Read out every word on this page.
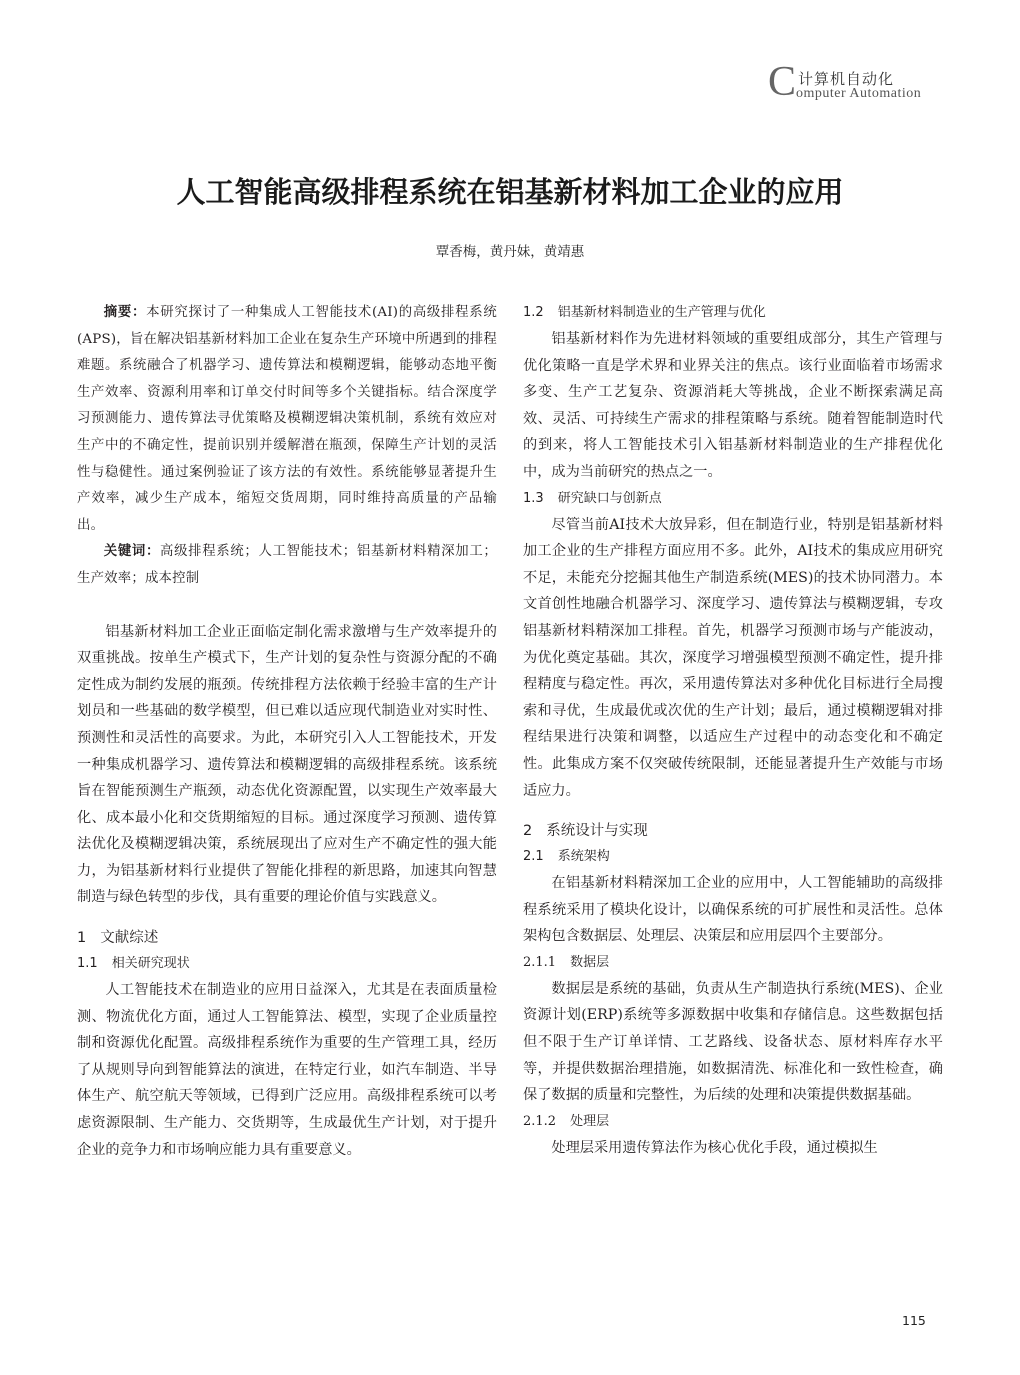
C 计算机自动化
omputer Automation
人工智能高级排程系统在铝基新材料加工企业的应用
覃香梅，黄丹妹，黄靖惠

摘要：本研究探讨了一种集成人工智能技术(AI)的高级排程系统(APS)，旨在解决铝基新材料加工企业在复杂生产环境中所遇到的排程难题。系统融合了机器学习、遗传算法和模糊逻辑，能够动态地平衡生产效率、资源利用率和订单交付时间等多个关键指标。结合深度学习预测能力、遗传算法寻优策略及模糊逻辑决策机制，系统有效应对生产中的不确定性，提前识别并缓解潜在瓶颈，保障生产计划的灵活性与稳健性。通过案例验证了该方法的有效性。系统能够显著提升生产效率，减少生产成本，缩短交货周期，同时维持高质量的产品输出。

关键词：高级排程系统；人工智能技术；铝基新材料精深加工；生产效率；成本控制

铝基新材料加工企业正面临定制化需求激增与生产效率提升的双重挑战。按单生产模式下，生产计划的复杂性与资源分配的不确定性成为制约发展的瓶颈。传统排程方法依赖于经验丰富的生产计划员和一些基础的数学模型，但已难以适应现代制造业对实时性、预测性和灵活性的高要求。为此，本研究引入人工智能技术，开发一种集成机器学习、遗传算法和模糊逻辑的高级排程系统。该系统旨在智能预测生产瓶颈，动态优化资源配置，以实现生产效率最大化、成本最小化和交货期缩短的目标。通过深度学习预测、遗传算法优化及模糊逻辑决策，系统展现出了应对生产不确定性的强大能力，为铝基新材料行业提供了智能化排程的新思路，加速其向智慧制造与绿色转型的步伐，具有重要的理论价值与实践意义。

1 文献综述
1.1 相关研究现状

人工智能技术在制造业的应用日益深入，尤其是在表面质量检测、物流优化方面，通过人工智能算法、模型，实现了企业质量控制和资源优化配置。高级排程系统作为重要的生产管理工具，经历了从规则导向到智能算法的演进，在特定行业，如汽车制造、半导体生产、航空航天等领域，已得到广泛应用。高级排程系统可以考虑资源限制、生产能力、交货期等，生成最优生产计划，对于提升企业的竞争力和市场响应能力具有重要意义。

1.2 铝基新材料制造业的生产管理与优化

铝基新材料作为先进材料领域的重要组成部分，其生产管理与优化策略一直是学术界和业界关注的焦点。该行业面临着市场需求多变、生产工艺复杂、资源消耗大等挑战，企业不断探索满足高效、灵活、可持续生产需求的排程策略与系统。随着智能制造时代的到来，将人工智能技术引入铝基新材料制造业的生产排程优化中，成为当前研究的热点之一。

1.3 研究缺口与创新点

尽管当前AI技术大放异彩，但在制造行业，特别是铝基新材料加工企业的生产排程方面应用不多。此外，AI技术的集成应用研究不足，未能充分挖掘其他生产制造系统(MES)的技术协同潜力。本文首创性地融合机器学习、深度学习、遗传算法与模糊逻辑，专攻铝基新材料精深加工排程。首先，机器学习预测市场与产能波动，为优化奠定基础。其次，深度学习增强模型预测不确定性，提升排程精度与稳定性。再次，采用遗传算法对多种优化目标进行全局搜索和寻优，生成最优或次优的生产计划；最后，通过模糊逻辑对排程结果进行决策和调整，以适应生产过程中的动态变化和不确定性。此集成方案不仅突破传统限制，还能显著提升生产效能与市场适应力。

2 系统设计与实现
2.1 系统架构

在铝基新材料精深加工企业的应用中，人工智能辅助的高级排程系统采用了模块化设计，以确保系统的可扩展性和灵活性。总体架构包含数据层、处理层、决策层和应用层四个主要部分。

2.1.1 数据层

数据层是系统的基础，负责从生产制造执行系统(MES)、企业资源计划(ERP)系统等多源数据中收集和存储信息。这些数据包括但不限于生产订单详情、工艺路线、设备状态、原材料库存水平等，并提供数据治理措施，如数据清洗、标准化和一致性检查，确保了数据的质量和完整性，为后续的处理和决策提供数据基础。

2.1.2 处理层

处理层采用遗传算法作为核心优化手段，通过模拟生

115
